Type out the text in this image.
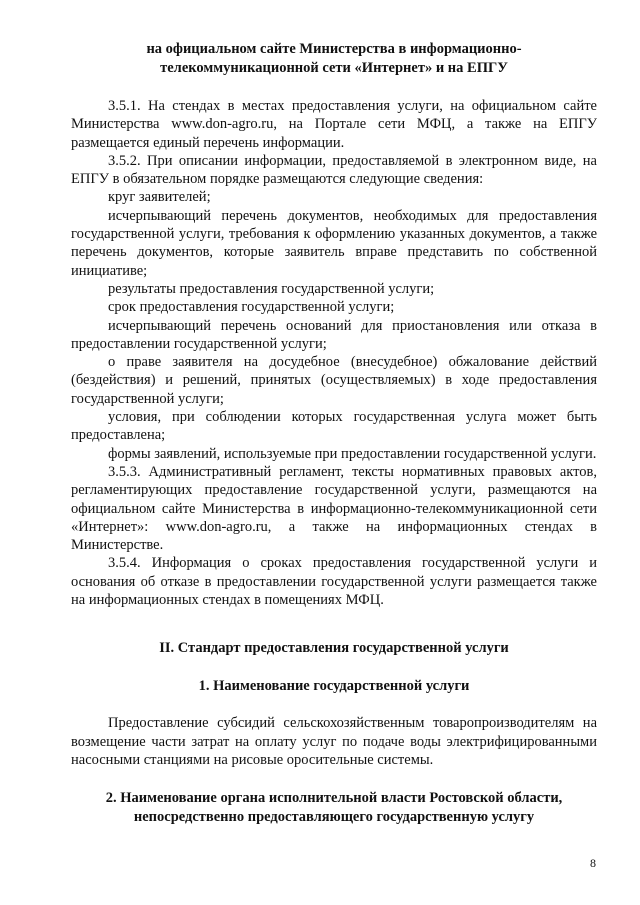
на официальном сайте Министерства в информационно-
телекоммуникационной сети «Интернет» и на ЕПГУ

3.5.1. На стендах в местах предоставления услуги, на официальном сайте Министерства www.don-agro.ru, на Портале сети МФЦ, а также на ЕПГУ размещается единый перечень информации.

3.5.2. При описании информации, предоставляемой в электронном виде, на ЕПГУ в обязательном порядке размещаются следующие сведения:

круг заявителей;

исчерпывающий перечень документов, необходимых для предоставления государственной услуги, требования к оформлению указанных документов, а также перечень документов, которые заявитель вправе представить по собственной инициативе;

результаты предоставления государственной услуги;

срок предоставления государственной услуги;

исчерпывающий перечень оснований для приостановления или отказа в предоставлении государственной услуги;

о праве заявителя на досудебное (внесудебное) обжалование действий (бездействия) и решений, принятых (осуществляемых) в ходе предоставления государственной услуги;

условия, при соблюдении которых государственная услуга может быть предоставлена;

формы заявлений, используемые при предоставлении государственной услуги.

3.5.3. Административный регламент, тексты нормативных правовых актов, регламентирующих предоставление государственной услуги, размещаются на официальном сайте Министерства в информационно-телекоммуникационной сети «Интернет»: www.don-agro.ru, а также на информационных стендах в Министерстве.

3.5.4. Информация о сроках предоставления государственной услуги и основания об отказе в предоставлении государственной услуги размещается также на информационных стендах в помещениях МФЦ.

II. Стандарт предоставления государственной услуги
1. Наименование государственной услуги

Предоставление субсидий сельскохозяйственным товаропроизводителям на возмещение части затрат на оплату услуг по подаче воды электрифицированными насосными станциями на рисовые оросительные системы.

2. Наименование органа исполнительной власти Ростовской области,
непосредственно предоставляющего государственную услугу
8
